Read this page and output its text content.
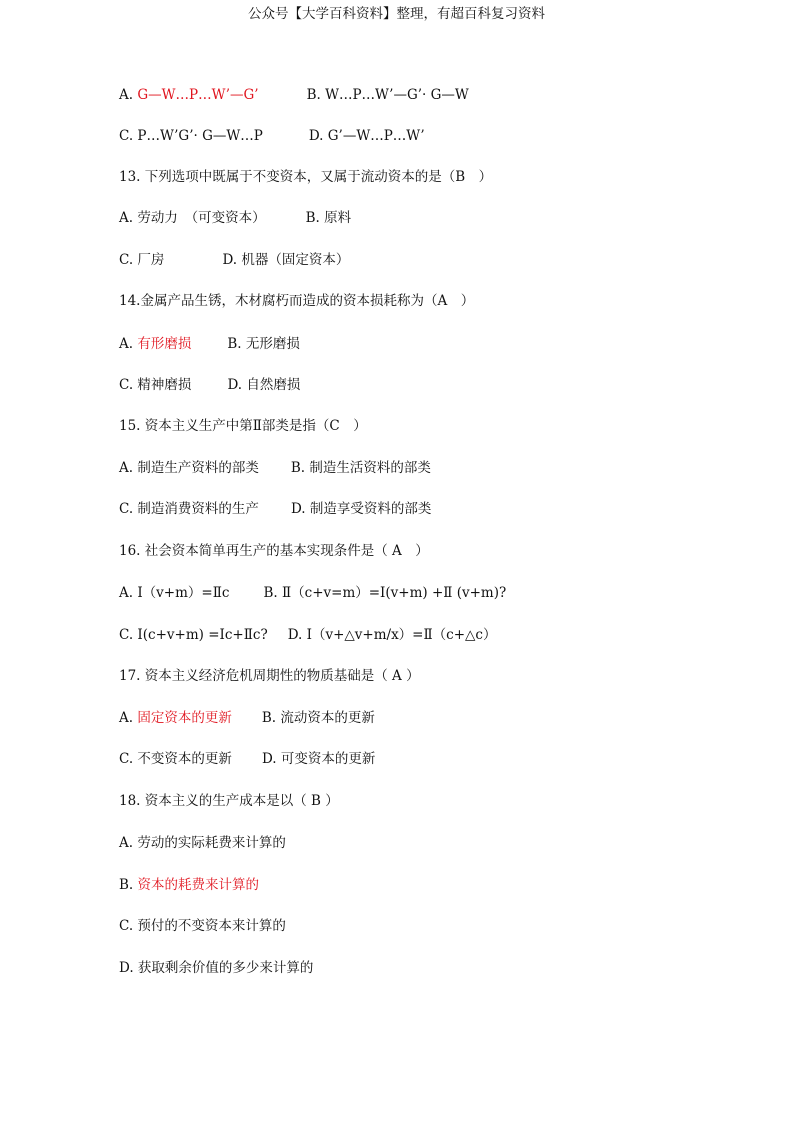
公众号【大学百科资料】整理，有超百科复习资料
A. G—W…P…W’—G’	B. W…P…W’—G’· G—W
C. P…W’G’· G—W…P	D. G’—W…P…W’
13. 下列选项中既属于不变资本，又属于流动资本的是（B　）
A. 劳动力　（可变资本）	B. 原料
C. 厂房	D. 机器（固定资本）
14.金属产品生锈，木材腐朽而造成的资本损耗称为（A　）
A. 有形磨损	B. 无形磨损
C. 精神磨损	D. 自然磨损
15. 资本主义生产中第Ⅱ部类是指（C　）
A. 制造生产资料的部类 B. 制造生活资料的部类
C. 制造消费资料的生产 D. 制造享受资料的部类
16. 社会资本简单再生产的基本实现条件是（ A　）
A. Ⅰ（v+m）=Ⅱc	B. Ⅱ（c+v=m）=Ⅰ(v+m) +Ⅱ (v+m)?
C. Ⅰ(c+v+m) =Ⅰc+Ⅱc? D. Ⅰ（v+△v+m/x）=Ⅱ（c+△c）
17. 资本主义经济危机周期性的物质基础是（ A ）
A. 固定资本的更新 B. 流动资本的更新
C. 不变资本的更新 D. 可变资本的更新
18. 资本主义的生产成本是以（ B ）
A. 劳动的实际耗费来计算的
B. 资本的耗费来计算的
C. 预付的不变资本来计算的
D. 获取剩余价值的多少来计算的
